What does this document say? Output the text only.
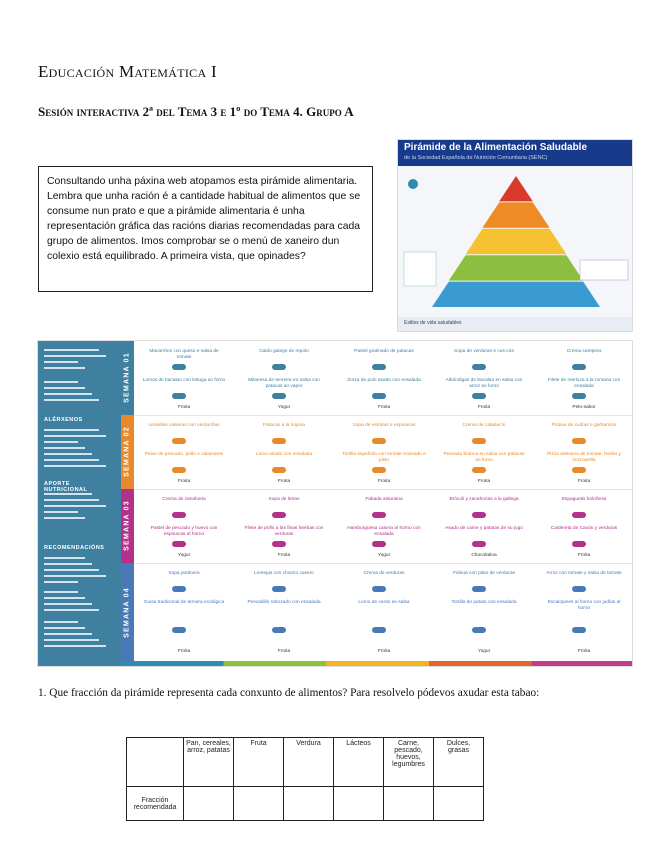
Educación Matemática I
Sesión interactiva 2ª del Tema 3 e 1º do Tema 4. Grupo A
Consultando unha páxina web atopamos esta pirámide alimentaria. Lembra que unha ración é a cantidade habitual de alimentos que se consume nun prato e que a pirámide alimentaria é unha representación gráfica das racións diarias recomendadas para cada grupo de alimentos. Imos comprobar se o menú de xaneiro dun colexio está equilibrado. A primeira vista, que opinades?
Pirámide de la Alimentación Saludable
de la Sociedad Española de Nutrición Comunitaria (SENC)
Estilos de vida saludables
ALÉRXENOS
APORTE NUTRICIONAL
RECOMENDACIÓNS
SEMANA 01
Macarróns con queso e salsa de tomate
Lomos de bacalao con leituga ao forno
Froita
Caldo galego de repolo
Milanesa de tenreira en salsa con patacas ao vapor
Yogur
Pastel gratinado de patacas
Zorza de polo asado con ensalada
Froita
Sopa de verduras e cus-cús
Albóndigas de bacalao en salsa con arroz ao forno
Froita
Crema campera
Filete de merluza á la romana con ensalada
Pelo-sabor
SEMANA 02
Lentellas caseiras con verduriñas
Peixe de pescado, pollo e calamares
Froita
Patacas a la riojana
Lomo asado con ensalada
Froita
Sopa de estrelas e espinacas
Tortilla española con tomate trozeado e pisto
Froita
Crema de calabacín
Pescada branca en salsa con patacas ao forno
Froita
Potaxe de xudías e garbanzos
Pizza artesana de tomate, bonito y mozzarella
Froita
SEMANA 03
Crema de zanahoria
Pastel de pescado y huevo con espinacas al horno
Yogur
Sopa de letras
Filete de pollo a las finas hierbas con verduras
Froita
Fabada asturiana
Hamburguesa casera al horno con ensalada
Yogur
Brócoli y zanahorias a la gallega
Asado de carne y patatas de su jugo
Chocolatina
Espaguetis boloñesa
Caldereta de Caxón y verduras
Froita
SEMANA 04
Sopa jardinera
Guisa tradicional de ternera ecológica
Froita
Lentejas con chorizo casero
Pescadillo rebozado con ensalada
Froita
Crema de verduras
Lomo de cerdo en salsa
Froita
Fideuá con pisto de verduras
Tortilla de patata con ensalada
Yogur
Arroz con tomate y salsa de tomate
Escalopines al horno con judías al horno
Froita
1. Que fracción da pirámide representa cada conxunto de alimentos? Para resolvelo pódevos axudar esta tabao:
	Pan, cereales, arroz, patatas	Fruta	Verdura	Lácteos	Carne, pescado, huevos, legumbres	Dulces, grasas
Fracción recomendada						
